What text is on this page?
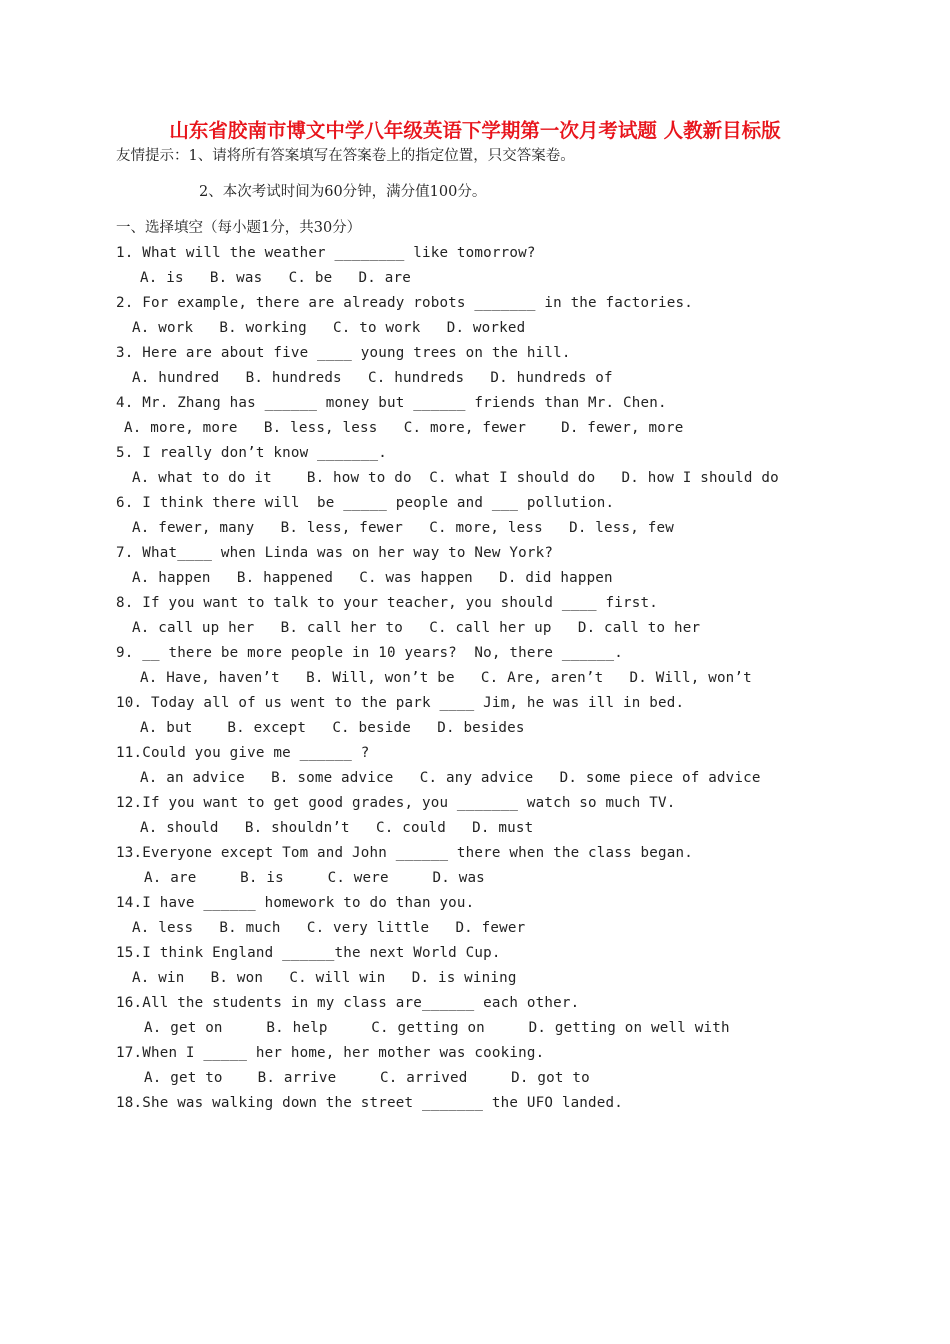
山东省胶南市博文中学八年级英语下学期第一次月考试题 人教新目标版
友情提示：1、请将所有答案填写在答案卷上的指定位置，只交答案卷。
2、本次考试时间为60分钟，满分值100分。
一、选择填空（每小题1分，共30分）
1. What will the weather ________ like tomorrow?
A. is   B. was   C. be   D. are
2. For example, there are already robots _______ in the factories.
A. work   B. working   C. to work   D. worked
3. Here are about five ____ young trees on the hill.
A. hundred   B. hundreds   C. hundreds   D. hundreds of
4. Mr. Zhang has ______ money but ______ friends than Mr. Chen.
A. more, more   B. less, less   C. more, fewer    D. fewer, more
5. I really don’t know _______.
A. what to do it    B. how to do  C. what I should do   D. how I should do
6. I think there will  be _____ people and ___ pollution.
A. fewer, many   B. less, fewer   C. more, less   D. less, few
7. What____ when Linda was on her way to New York?
A. happen   B. happened   C. was happen   D. did happen
8. If you want to talk to your teacher, you should ____ first.
A. call up her   B. call her to   C. call her up   D. call to her
9. __ there be more people in 10 years?  No, there ______.
A. Have, haven’t   B. Will, won’t be   C. Are, aren’t   D. Will, won’t
10. Today all of us went to the park ____ Jim, he was ill in bed.
A. but    B. except   C. beside   D. besides
11.Could you give me ______ ?
A. an advice   B. some advice   C. any advice   D. some piece of advice
12.If you want to get good grades, you _______ watch so much TV.
A. should   B. shouldn’t   C. could   D. must
13.Everyone except Tom and John ______ there when the class began.
A. are     B. is     C. were     D. was
14.I have ______ homework to do than you.
A. less   B. much   C. very little   D. fewer
15.I think England ______the next World Cup.
A. win   B. won   C. will win   D. is wining
16.All the students in my class are______ each other.
A. get on     B. help     C. getting on     D. getting on well with
17.When I _____ her home, her mother was cooking.
A. get to    B. arrive     C. arrived     D. got to
18.She was walking down the street _______ the UFO landed.
